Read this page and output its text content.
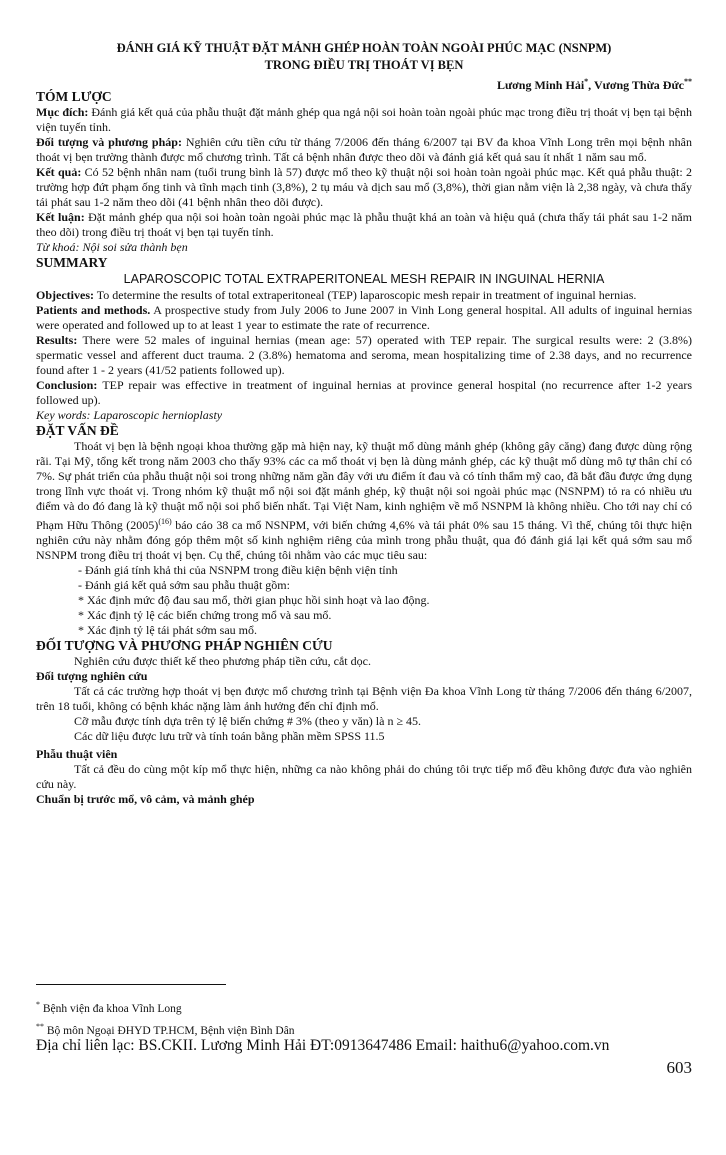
ĐÁNH GIÁ KỸ THUẬT ĐẶT MẢNH GHÉP HOÀN TOÀN NGOÀI PHÚC MẠC (NSNPM)

TRONG ĐIỀU TRỊ THOÁT VỊ BẸN

Lương Minh Hải*, Vương Thừa Đức**

TÓM LƯỢC

Mục đích: Đánh giá kết quả của phẫu thuật đặt mảnh ghép qua ngả nội soi hoàn toàn ngoài phúc mạc trong điều trị thoát vị bẹn tại bệnh viện tuyến tỉnh.

Đối tượng và phương pháp: Nghiên cứu tiền cứu từ tháng 7/2006 đến tháng 6/2007 tại BV đa khoa Vĩnh Long trên mọi bệnh nhân thoát vị bẹn trường thành được mổ chương trình. Tất cả bệnh nhân được theo dõi và đánh giá kết quả sau ít nhất 1 năm sau mổ.

Kết quả: Có 52 bệnh nhân nam (tuổi trung bình là 57) được mổ theo kỹ thuật nội soi hoàn toàn ngoài phúc mạc. Kết quả phẫu thuật: 2 trường hợp đứt phạm ống tinh và tĩnh mạch tinh (3,8%), 2 tụ máu và dịch sau mổ (3,8%), thời gian nằm viện là 2,38 ngày, và chưa thấy tái phát sau 1-2 năm theo dõi (41 bệnh nhân theo dõi được).

Kết luận: Đặt mảnh ghép qua nội soi hoàn toàn ngoài phúc mạc là phẫu thuật khá an toàn và hiệu quả (chưa thấy tái phát sau 1-2 năm theo dõi) trong điều trị thoát vị bẹn tại tuyến tỉnh.

Từ khoá: Nội soi sửa thành bẹn

SUMMARY

LAPAROSCOPIC TOTAL EXTRAPERITONEAL MESH REPAIR IN INGUINAL HERNIA

Objectives: To determine the results of total extraperitoneal (TEP) laparoscopic mesh repair in treatment of inguinal hernias.

Patients and methods. A prospective study from July 2006 to June 2007 in Vinh Long general hospital. All adults of inguinal hernias were operated and followed up to at least 1 year to estimate the rate of recurrence.

Results: There were 52 males of inguinal hernias (mean age: 57) operated with TEP repair. The surgical results were: 2 (3.8%) spermatic vessel and afferent duct trauma. 2 (3.8%) hematoma and seroma, mean hospitalizing time of 2.38 days, and no recurrence found after 1 - 2 years (41/52 patients followed up).

Conclusion: TEP repair was effective in treatment of inguinal hernias at province general hospital (no recurrence after 1-2 years followed up).

Key words: Laparoscopic hernioplasty

ĐẶT VẤN ĐỀ

Thoát vị bẹn là bệnh ngoại khoa thường gặp mà hiện nay, kỹ thuật mổ dùng mảnh ghép (không gây căng) đang được dùng rộng rãi. Tại Mỹ, tổng kết trong năm 2003 cho thấy 93% các ca mổ thoát vị bẹn là dùng mảnh ghép, các kỹ thuật mổ dùng mô tự thân chỉ có 7%. Sự phát triển của phẫu thuật nội soi trong những năm gần đây với ưu điểm ít đau và có tính thẩm mỹ cao, đã bắt đầu được ứng dụng trong lĩnh vực thoát vị. Trong nhóm kỹ thuật mổ nội soi đặt mảnh ghép, kỹ thuật nội soi ngoài phúc mạc (NSNPM) tỏ ra có nhiều ưu điểm và do đó đang là kỹ thuật mổ nội soi phổ biến nhất. Tại Việt Nam, kinh nghiệm về mổ NSNPM là không nhiều. Cho tới nay chỉ có Phạm Hữu Thông $(2005)^{(16)}$ báo cáo 38 ca mổ NSNPM, với biến chứng 4,6% và tái phát 0% sau 15 tháng. Vì thế, chúng tôi thực hiện nghiên cứu này nhằm đóng góp thêm một số kinh nghiệm riêng của mình trong phẫu thuật, qua đó đánh giá lại kết quả sớm sau mổ NSNPM trong điều trị thoát vị bẹn. Cụ thể, chúng tôi nhằm vào các mục tiêu sau:

- Đánh giá tính khả thi của NSNPM trong điều kiện bệnh viện tỉnh
- Đánh giá kết quả sớm sau phẫu thuật gồm:
* Xác định mức độ đau sau mổ, thời gian phục hồi sinh hoạt và lao động.
* Xác định tỷ lệ các biến chứng trong mổ và sau mổ.
* Xác định tỷ lệ tái phát sớm sau mổ.

ĐỐI TƯỢNG VÀ PHƯƠNG PHÁP NGHIÊN CỨU

Nghiên cứu được thiết kế theo phương pháp tiền cứu, cắt dọc.

Đối tượng nghiên cứu

Tất cả các trường hợp thoát vị bẹn được mổ chương trình tại Bệnh viện Đa khoa Vĩnh Long từ tháng 7/2006 đến tháng 6/2007, trên 18 tuổi, không có bệnh khác nặng làm ảnh hưởng đến chỉ định mổ.

Cỡ mẫu được tính dựa trên tỷ lệ biến chứng # 3% (theo y văn) là n ≥ 45.

Các dữ liệu được lưu trữ và tính toán bằng phần mềm SPSS 11.5

Phẫu thuật viên

Tất cả đều do cùng một kíp mổ thực hiện, những ca nào không phải do chúng tôi trực tiếp mổ đều không được đưa vào nghiên cứu này.

Chuẩn bị trước mổ, vô cảm, và mảnh ghép

* Bệnh viện đa khoa Vĩnh Long
** Bộ môn Ngoại ĐHYD TP.HCM, Bệnh viện Bình Dân
Địa chỉ liên lạc: BS.CKII. Lương Minh Hải ĐT:0913647486 Email: haithu6@yahoo.com.vn
603
